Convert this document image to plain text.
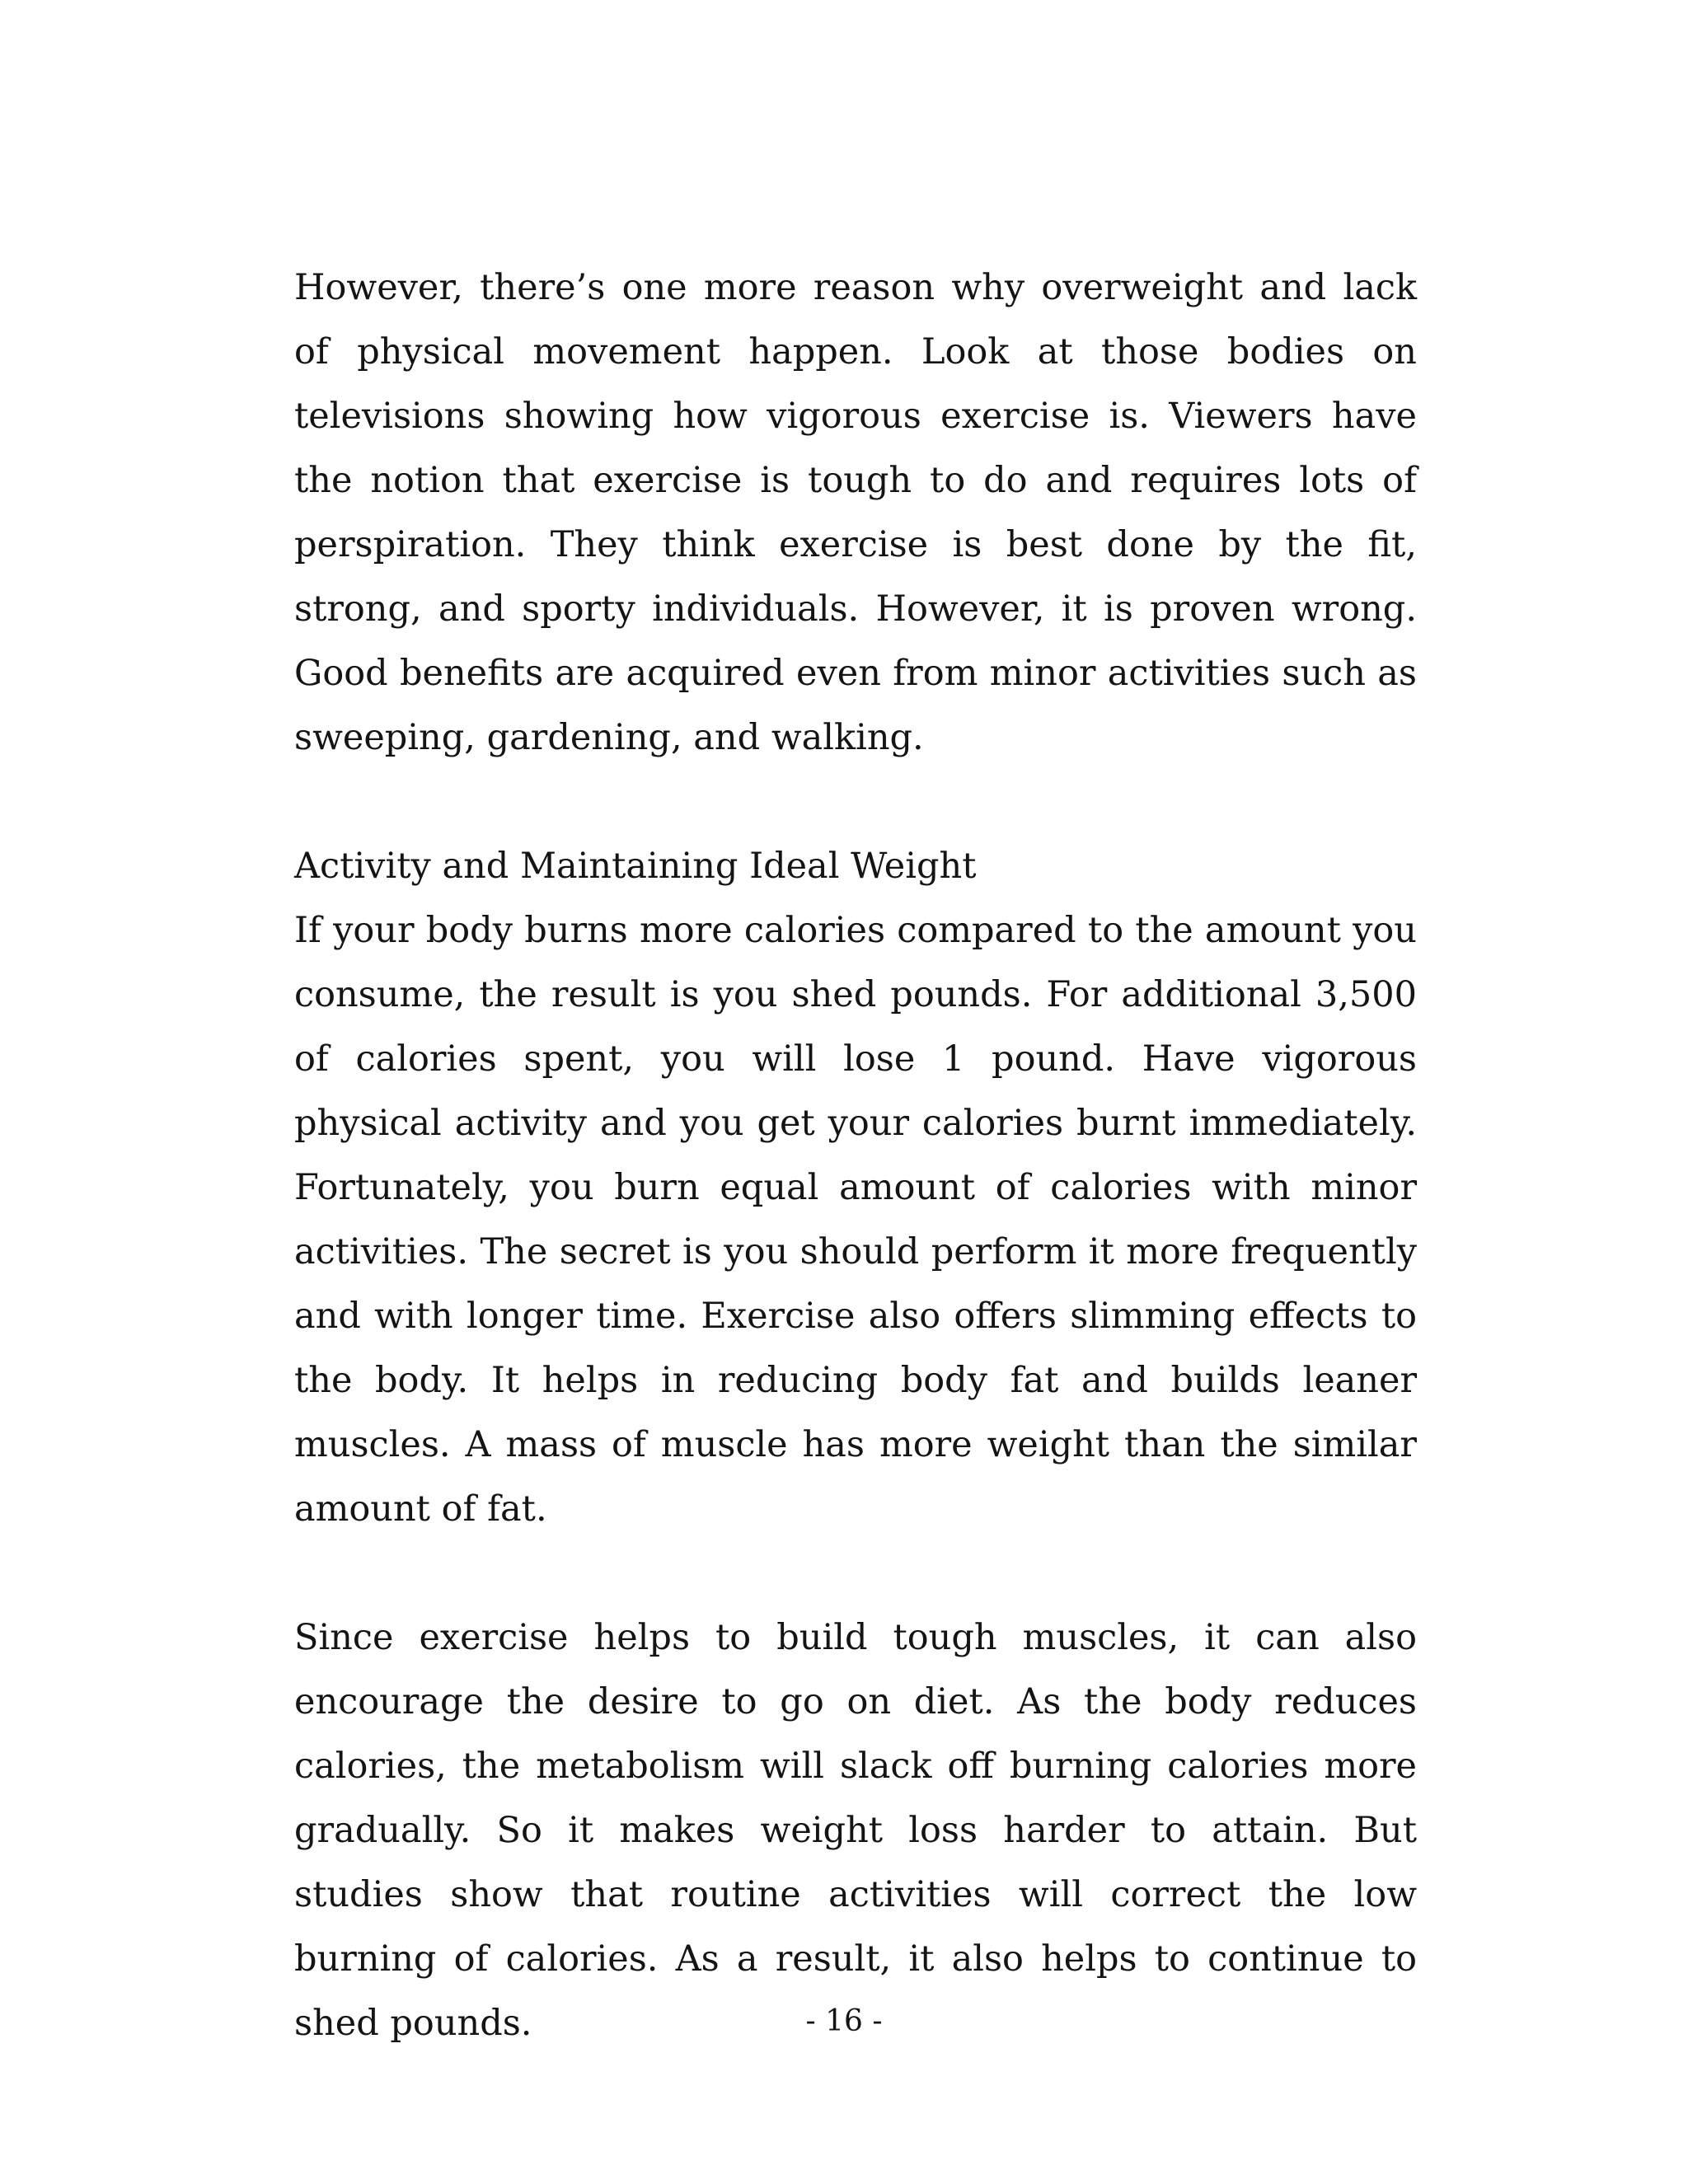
However, there’s one more reason why overweight and lack of physical movement happen. Look at those bodies on televisions showing how vigorous exercise is. Viewers have the notion that exercise is tough to do and requires lots of perspiration. They think exercise is best done by the fit, strong, and sporty individuals. However, it is proven wrong. Good benefits are acquired even from minor activities such as sweeping, gardening, and walking.

Activity and Maintaining Ideal Weight

If your body burns more calories compared to the amount you consume, the result is you shed pounds. For additional 3,500 of calories spent, you will lose 1 pound. Have vigorous physical activity and you get your calories burnt immediately. Fortunately, you burn equal amount of calories with minor activities. The secret is you should perform it more frequently and with longer time. Exercise also offers slimming effects to the body. It helps in reducing body fat and builds leaner muscles. A mass of muscle has more weight than the similar amount of fat.

Since exercise helps to build tough muscles, it can also encourage the desire to go on diet. As the body reduces calories, the metabolism will slack off burning calories more gradually. So it makes weight loss harder to attain. But studies show that routine activities will correct the low burning of calories. As a result, it also helps to continue to shed pounds.	- 16 -
